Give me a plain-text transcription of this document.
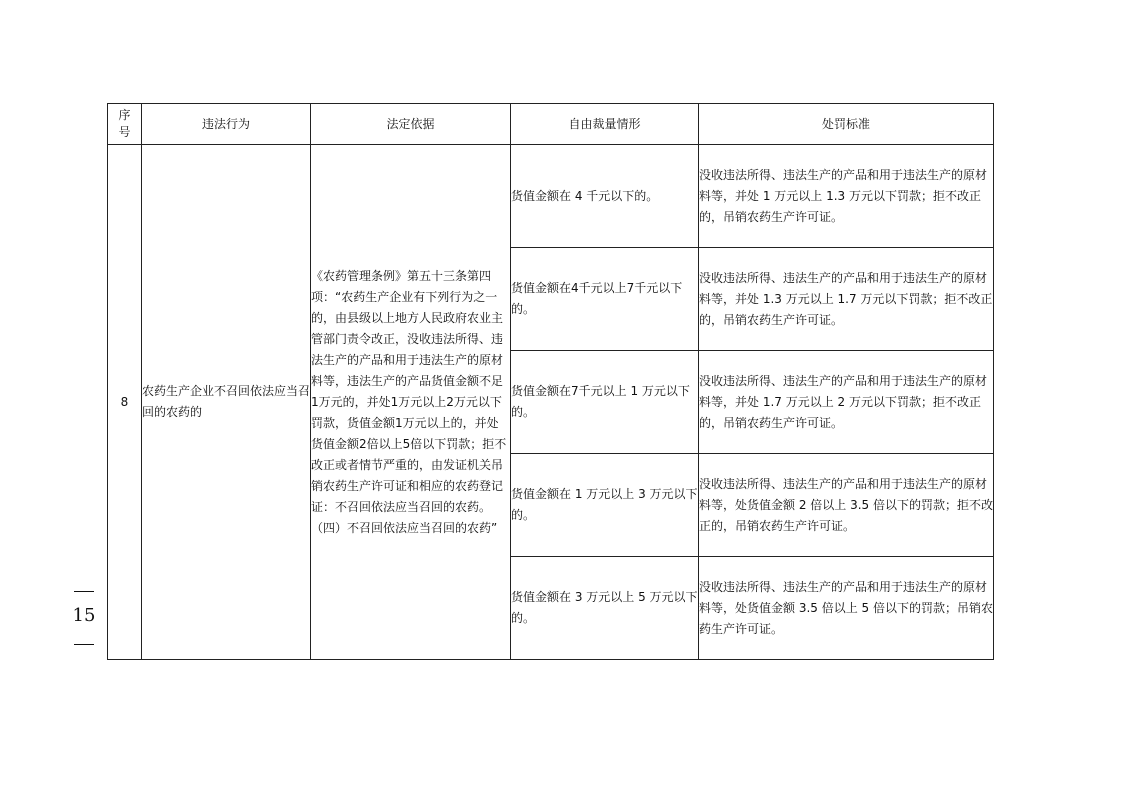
序
号	违法行为	法定依据	自由裁量情形	处罚标准
8	农药生产企业不召回依法应当召回的农药的	《农药管理条例》第五十三条第四项：“农药生产企业有下列行为之一的，由县级以上地方人民政府农业主管部门责令改正，没收违法所得、违法生产的产品和用于违法生产的原材料等，违法生产的产品货值金额不足1万元的，并处1万元以上2万元以下罚款，货值金额1万元以上的，并处货值金额2倍以上5倍以下罚款；拒不改正或者情节严重的，由发证机关吊销农药生产许可证和相应的农药登记证：不召回依法应当召回的农药。（四）不召回依法应当召回的农药”	货值金额在 4 千元以下的。	没收违法所得、违法生产的产品和用于违法生产的原材料等，并处 1 万元以上 1.3 万元以下罚款；拒不改正的，吊销农药生产许可证。
			货值金额在4千元以上7千元以下的。	没收违法所得、违法生产的产品和用于违法生产的原材料等，并处 1.3 万元以上 1.7 万元以下罚款；拒不改正的，吊销农药生产许可证。
			货值金额在7千元以上 1 万元以下的。	没收违法所得、违法生产的产品和用于违法生产的原材料等，并处 1.7 万元以上 2 万元以下罚款；拒不改正的，吊销农药生产许可证。
			货值金额在 1 万元以上 3 万元以下的。	没收违法所得、违法生产的产品和用于违法生产的原材料等，处货值金额 2 倍以上 3.5 倍以下的罚款；拒不改正的，吊销农药生产许可证。
			货值金额在 3 万元以上 5 万元以下的。	没收违法所得、违法生产的产品和用于违法生产的原材料等，处货值金额 3.5 倍以上 5 倍以下的罚款；吊销农药生产许可证。
15
